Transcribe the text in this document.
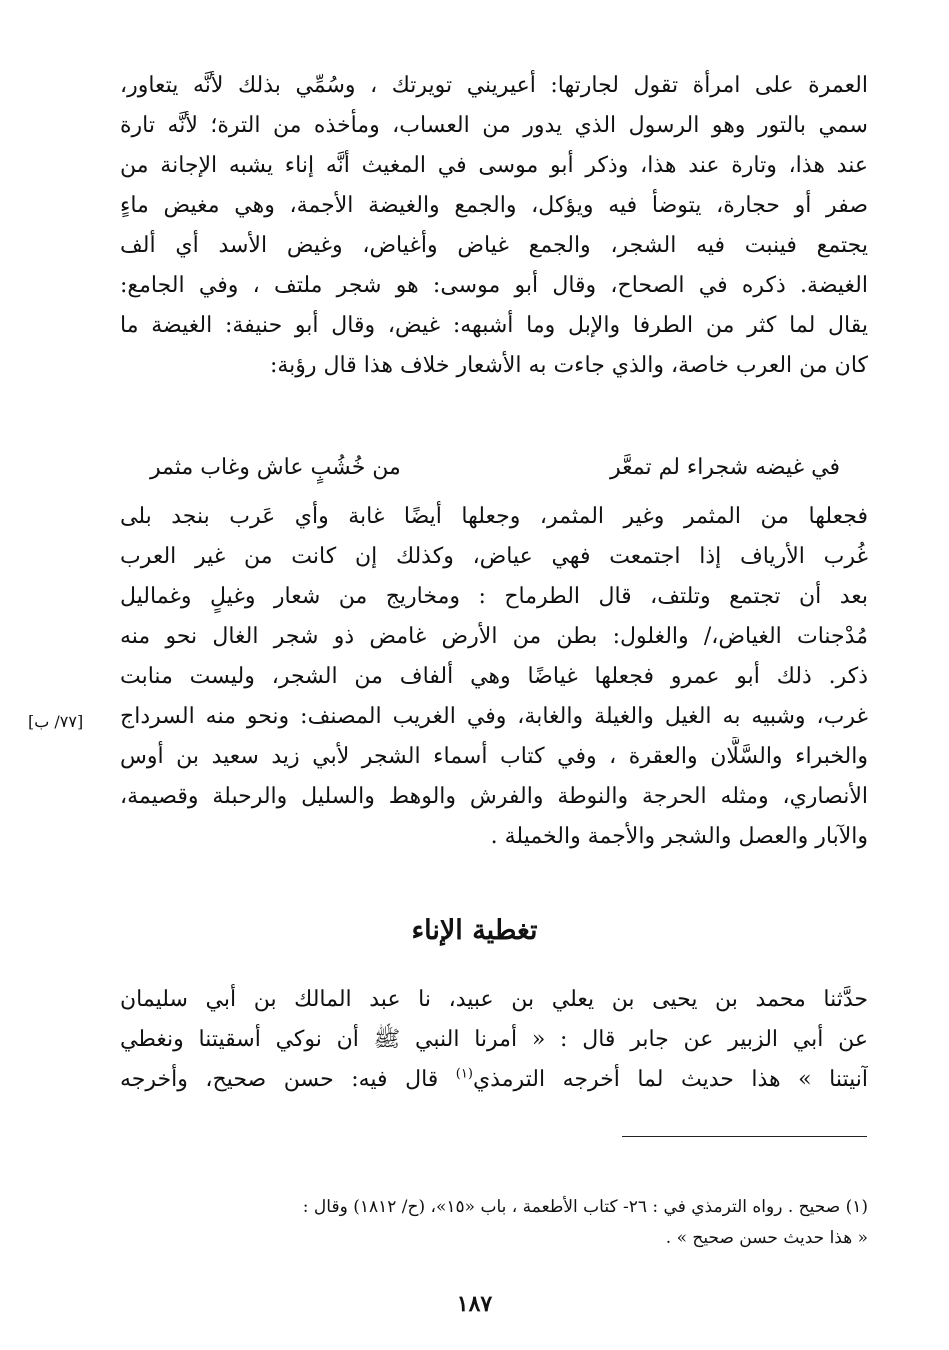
العمرة على امرأة تقول لجارتها: أعيريني تويرتك ، وسُمِّي بذلك لأنَّه يتعاور،
سمي بالتور وهو الرسول الذي يدور من العساب، ومأخذه من الترة؛ لأنَّه تارة
عند هذا، وتارة عند هذا، وذكر أبو موسى في المغيث أنَّه إناء يشبه الإجانة من
صفر أو حجارة، يتوضأ فيه ويؤكل، والجمع والغيضة الأجمة، وهي مغيض ماءٍ
يجتمع فينبت فيه الشجر، والجمع غياض وأغياض، وغيض الأسد أي ألف
الغيضة. ذكره في الصحاح، وقال أبو موسى: هو شجر ملتف ، وفي الجامع:
يقال لما كثر من الطرفا والإبل وما أشبهه: غيض، وقال أبو حنيفة: الغيضة ما
كان من العرب خاصة، والذي جاءت به الأشعار خلاف هذا قال رؤبة:
في غيضه شجراء لم تمعَّر
من خُشُبٍ عاش وغاب مثمر
فجعلها من المثمر وغير المثمر، وجعلها أيضًا غابة وأي عَرب بنجد بلى
غُرب الأرياف إذا اجتمعت فهي عياض، وكذلك إن كانت من غير العرب
بعد أن تجتمع وتلتف، قال الطرماح : ومخاريج من شعار وغيلٍ وغماليل
مُدْجنات الغياض،/ والغلول: بطن من الأرض غامض ذو شجر الغال نحو منه
ذكر. ذلك أبو عمرو فجعلها غياضًا وهي ألفاف من الشجر، وليست منابت
غرب، وشبيه به الغيل والغيلة والغابة، وفي الغريب المصنف: ونحو منه السرداج
والخبراء والسَّلَّان والعقرة ، وفي كتاب أسماء الشجر لأبي زيد سعيد بن أوس
الأنصاري، ومثله الحرجة والنوطة والفرش والوهط والسليل والرحبلة وقصيمة،
والآبار والعصل والشجر والأجمة والخميلة .
[٧٧/ ب]
تغطية الإناء
حدَّثنا محمد بن يحيى بن يعلي بن عبيد، نا عبد المالك بن أبي سليمان
عن أبي الزبير عن جابر قال : « أمرنا النبي ﷺ أن نوكي أسقيتنا ونغطي
آنيتنا » هذا حديث لما أخرجه الترمذي$^{(١)}$ قال فيه: حسن صحيح، وأخرجه
(١) صحيح . رواه الترمذي في : ٢٦- كتاب الأطعمة ، باب «١٥»، (ح/ ١٨١٢) وقال :
« هذا حديث حسن صحيح » .
١٨٧
